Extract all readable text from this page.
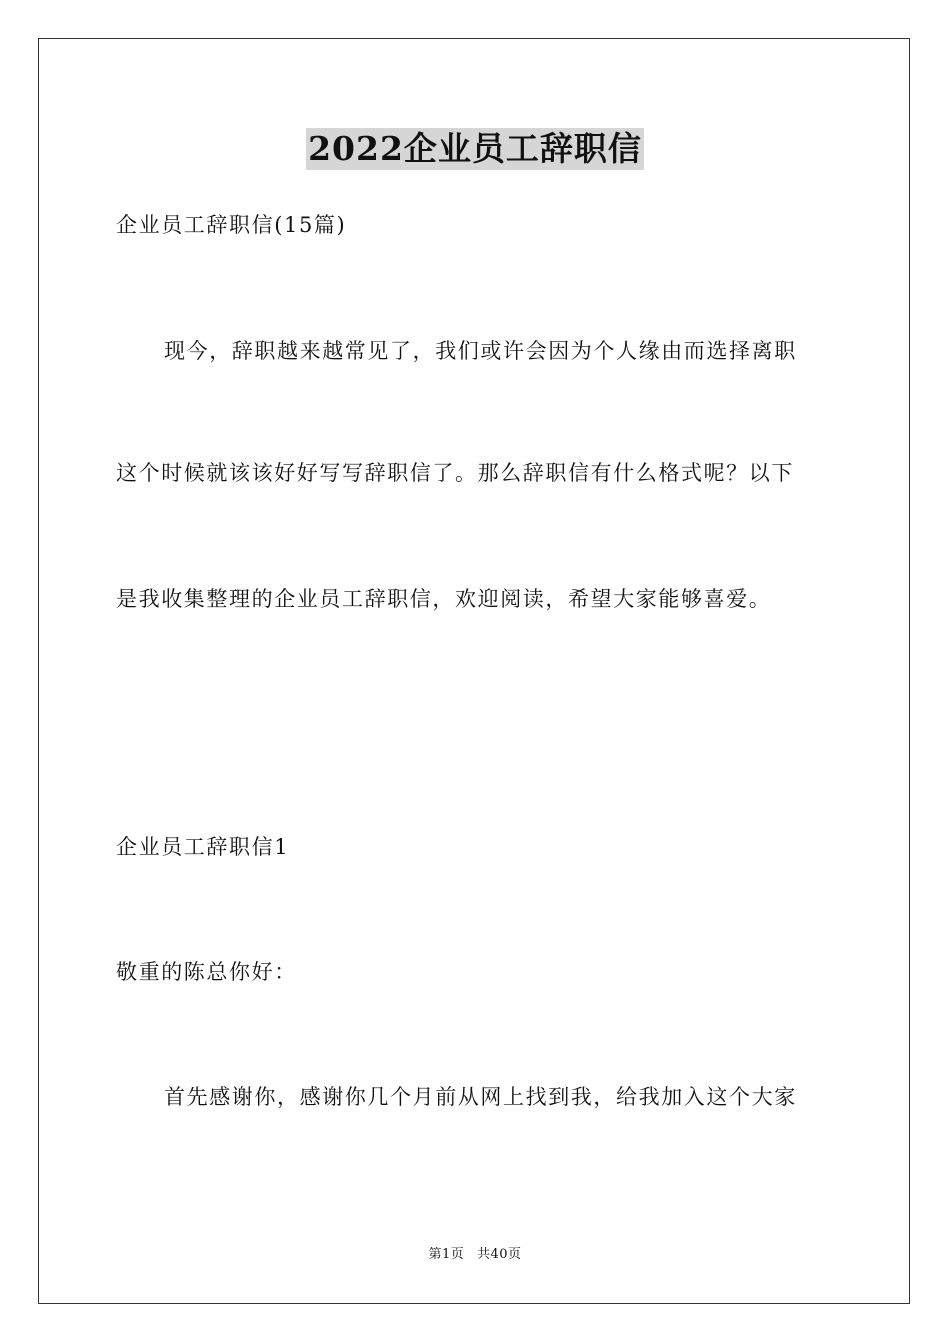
2022企业员工辞职信
企业员工辞职信(15篇)
现今，辞职越来越常见了，我们或许会因为个人缘由而选择离职
这个时候就该该好好写写辞职信了。那么辞职信有什么格式呢？以下
是我收集整理的企业员工辞职信，欢迎阅读，希望大家能够喜爱。
企业员工辞职信1
敬重的陈总你好：
首先感谢你，感谢你几个月前从网上找到我，给我加入这个大家
第1页 共40页
